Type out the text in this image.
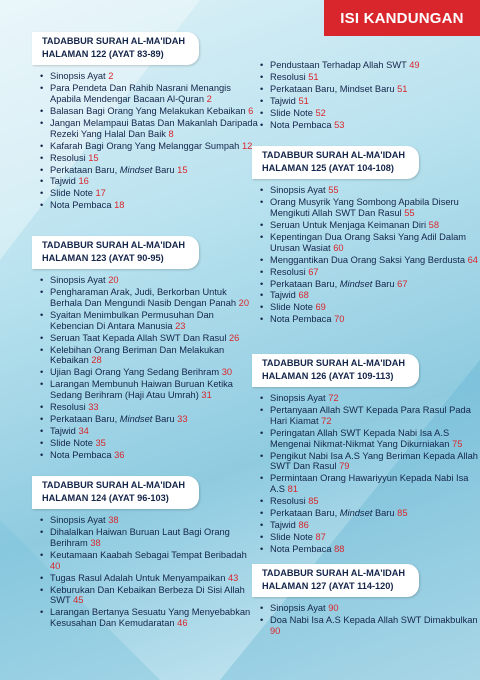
ISI KANDUNGAN
TADABBUR SURAH AL-MA'IDAH
HALAMAN 122 (AYAT 83-89)
• Sinopsis Ayat 2
• Para Pendeta Dan Rahib Nasrani Menangis Apabila Mendengar Bacaan Al-Quran 2
• Balasan Bagi Orang Yang Melakukan Kebaikan 6
• Jangan Melampaui Batas Dan Makanlah Daripada Rezeki Yang Halal Dan Baik 8
• Kafarah Bagi Orang Yang Melanggar Sumpah 12
• Resolusi 15
• Perkataan Baru, Mindset Baru 15
• Tajwid 16
• Slide Note 17
• Nota Pembaca 18
TADABBUR SURAH AL-MA'IDAH
HALAMAN 123 (AYAT 90-95)
• Sinopsis Ayat 20
• Pengharaman Arak, Judi, Berkorban Untuk Berhala Dan Mengundi Nasib Dengan Panah 20
• Syaitan Menimbulkan Permusuhan Dan Kebencian Di Antara Manusia 23
• Seruan Taat Kepada Allah SWT Dan Rasul 26
• Kelebihan Orang Beriman Dan Melakukan Kebaikan 28
• Ujian Bagi Orang Yang Sedang Berihram 30
• Larangan Membunuh Haiwan Buruan Ketika Sedang Berihram (Haji Atau Umrah) 31
• Resolusi 33
• Perkataan Baru, Mindset Baru 33
• Tajwid 34
• Slide Note 35
• Nota Pembaca 36
TADABBUR SURAH AL-MA'IDAH
HALAMAN 124 (AYAT 96-103)
• Sinopsis Ayat 38
• Dihalalkan Haiwan Buruan Laut Bagi Orang Berihram 38
• Keutamaan Kaabah Sebagai Tempat Beribadah 40
• Tugas Rasul Adalah Untuk Menyampaikan 43
• Keburukan Dan Kebaikan Berbeza Di Sisi Allah SWT 45
• Larangan Bertanya Sesuatu Yang Menyebabkan Kesusahan Dan Kemudaratan 46
• Pendustaan Terhadap Allah SWT 49
• Resolusi 51
• Perkataan Baru, Mindset Baru 51
• Tajwid 51
• Slide Note 52
• Nota Pembaca 53
TADABBUR SURAH AL-MA'IDAH
HALAMAN 125 (AYAT 104-108)
• Sinopsis Ayat 55
• Orang Musyrik Yang Sombong Apabila Diseru Mengikuti Allah SWT Dan Rasul 55
• Seruan Untuk Menjaga Keimanan Diri 58
• Kepentingan Dua Orang Saksi Yang Adil Dalam Urusan Wasiat 60
• Menggantikan Dua Orang Saksi Yang Berdusta 64
• Resolusi 67
• Perkataan Baru, Mindset Baru 67
• Tajwid 68
• Slide Note 69
• Nota Pembaca 70
TADABBUR SURAH AL-MA'IDAH
HALAMAN 126 (AYAT 109-113)
• Sinopsis Ayat 72
• Pertanyaan Allah SWT Kepada Para Rasul Pada Hari Kiamat 72
• Peringatan Allah SWT Kepada Nabi Isa A.S Mengenai Nikmat-Nikmat Yang Dikurniakan 75
• Pengikut Nabi Isa A.S Yang Beriman Kepada Allah SWT Dan Rasul 79
• Permintaan Orang Hawariyyun Kepada Nabi Isa A.S 81
• Resolusi 85
• Perkataan Baru, Mindset Baru 85
• Tajwid 86
• Slide Note 87
• Nota Pembaca 88
TADABBUR SURAH AL-MA'IDAH
HALAMAN 127 (AYAT 114-120)
• Sinopsis Ayat 90
• Doa Nabi Isa A.S Kepada Allah SWT Dimakbulkan 90
